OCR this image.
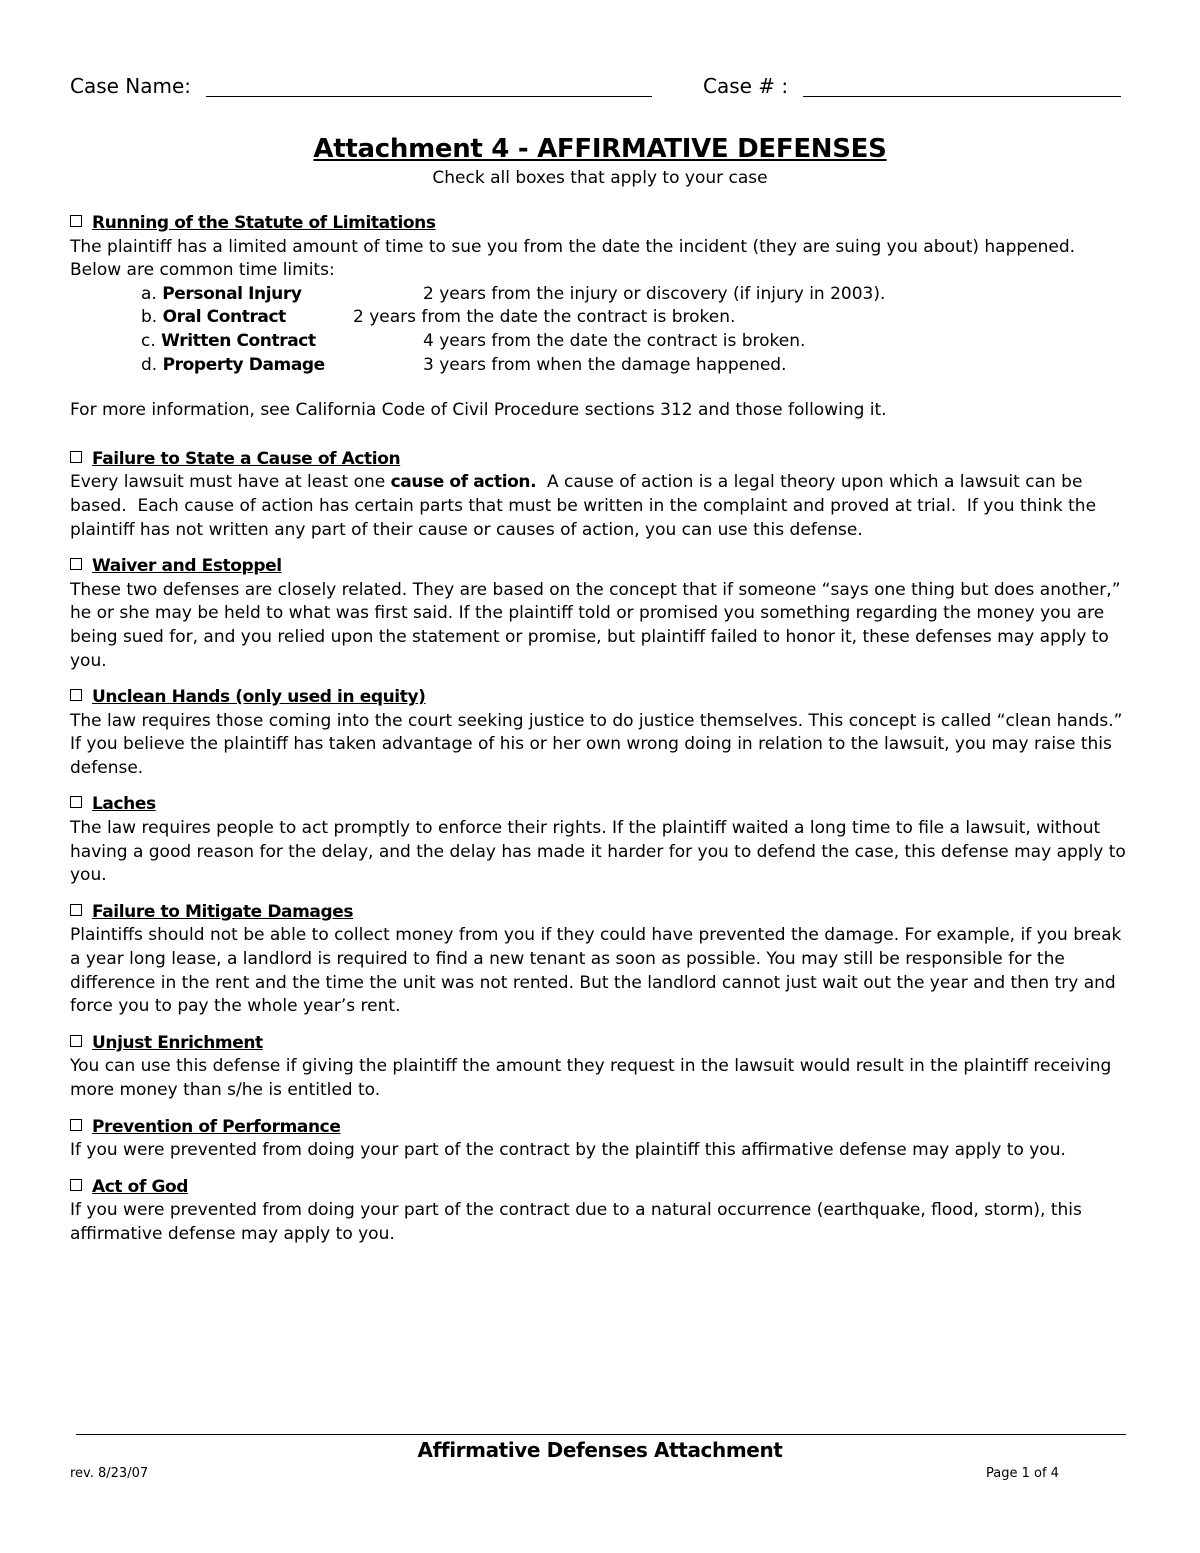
Case Name:	Case # :
Attachment 4 - AFFIRMATIVE DEFENSES
Check all boxes that apply to your case
Running of the Statute of Limitations

The plaintiff has a limited amount of time to sue you from the date the incident (they are suing you about) happened. Below are common time limits:

a. Personal Injury	2 years from the injury or discovery (if injury in 2003).
b. Oral Contract	2 years from the date the contract is broken.
c. Written Contract	4 years from the date the contract is broken.
d. Property Damage	3 years from when the damage happened.

For more information, see California Code of Civil Procedure sections 312 and those following it.

Failure to State a Cause of Action

Every lawsuit must have at least one cause of action.  A cause of action is a legal theory upon which a lawsuit can be based.  Each cause of action has certain parts that must be written in the complaint and proved at trial.  If you think the plaintiff has not written any part of their cause or causes of action, you can use this defense.

Waiver and Estoppel

These two defenses are closely related. They are based on the concept that if someone “says one thing but does another,” he or she may be held to what was first said. If the plaintiff told or promised you something regarding the money you are being sued for, and you relied upon the statement or promise, but plaintiff failed to honor it, these defenses may apply to you.

Unclean Hands (only used in equity)

The law requires those coming into the court seeking justice to do justice themselves. This concept is called “clean hands.” If you believe the plaintiff has taken advantage of his or her own wrong doing in relation to the lawsuit, you may raise this defense.

Laches

The law requires people to act promptly to enforce their rights. If the plaintiff waited a long time to file a lawsuit, without having a good reason for the delay, and the delay has made it harder for you to defend the case, this defense may apply to you.

Failure to Mitigate Damages

Plaintiffs should not be able to collect money from you if they could have prevented the damage. For example, if you break a year long lease, a landlord is required to find a new tenant as soon as possible. You may still be responsible for the difference in the rent and the time the unit was not rented. But the landlord cannot just wait out the year and then try and force you to pay the whole year’s rent.

Unjust Enrichment

You can use this defense if giving the plaintiff the amount they request in the lawsuit would result in the plaintiff receiving more money than s/he is entitled to.

Prevention of Performance

If you were prevented from doing your part of the contract by the plaintiff this affirmative defense may apply to you.

Act of God

If you were prevented from doing your part of the contract due to a natural occurrence (earthquake, flood, storm), this affirmative defense may apply to you.

Affirmative Defenses Attachment
rev. 8/23/07	Page 1 of 4
